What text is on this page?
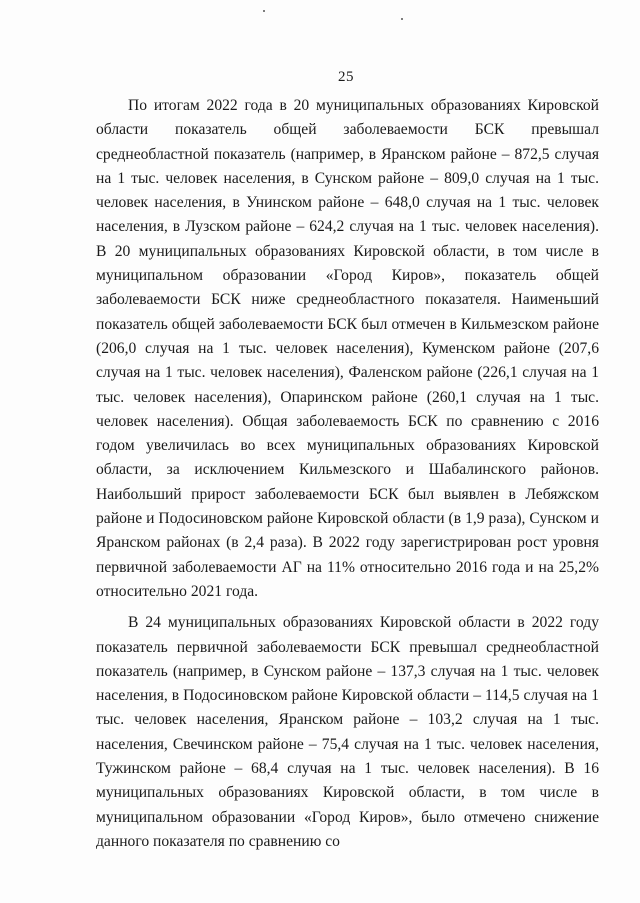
25

По итогам 2022 года в 20 муниципальных образованиях Кировской области показатель общей заболеваемости БСК превышал среднеобластной показатель (например, в Яранском районе – 872,5 случая на 1 тыс. человек населения, в Сунском районе – 809,0 случая на 1 тыс. человек населения, в Унинском районе – 648,0 случая на 1 тыс. человек населения, в Лузском районе – 624,2 случая на 1 тыс. человек населения). В 20 муниципальных образованиях Кировской области, в том числе в муниципальном образовании «Город Киров», показатель общей заболеваемости БСК ниже среднеобластного показателя. Наименьший показатель общей заболеваемости БСК был отмечен в Кильмезском районе (206,0 случая на 1 тыс. человек населения), Куменском районе (207,6 случая на 1 тыс. человек населения), Фаленском районе (226,1 случая на 1 тыс. человек населения), Опаринском районе (260,1 случая на 1 тыс. человек населения). Общая заболеваемость БСК по сравнению с 2016 годом увеличилась во всех муниципальных образованиях Кировской области, за исключением Кильмезского и Шабалинского районов. Наибольший прирост заболеваемости БСК был выявлен в Лебяжском районе и Подосиновском районе Кировской области (в 1,9 раза), Сунском и Яранском районах (в 2,4 раза). В 2022 году зарегистрирован рост уровня первичной заболеваемости АГ на 11% относительно 2016 года и на 25,2% относительно 2021 года.

В 24 муниципальных образованиях Кировской области в 2022 году показатель первичной заболеваемости БСК превышал среднеобластной показатель (например, в Сунском районе – 137,3 случая на 1 тыс. человек населения, в Подосиновском районе Кировской области – 114,5 случая на 1 тыс. человек населения, Яранском районе – 103,2 случая на 1 тыс. населения, Свечинском районе – 75,4 случая на 1 тыс. человек населения, Тужинском районе – 68,4 случая на 1 тыс. человек населения). В 16 муниципальных образованиях Кировской области, в том числе в муниципальном образовании «Город Киров», было отмечено снижение данного показателя по сравнению со
